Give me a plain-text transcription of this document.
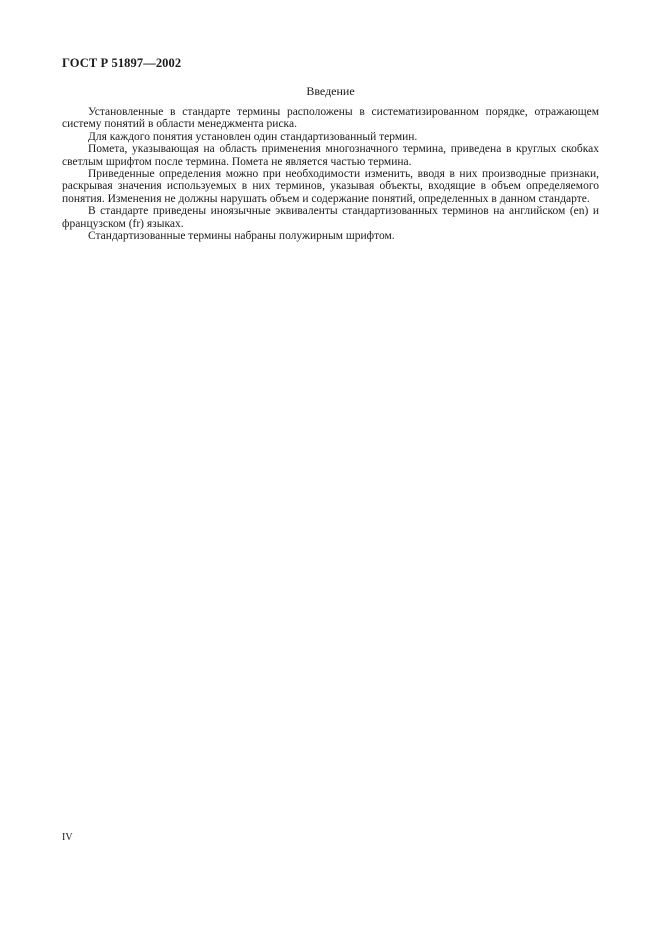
ГОСТ Р 51897—2002
Введение

Установленные в стандарте термины расположены в систематизированном порядке, отражающем систему понятий в области менеджмента риска.

Для каждого понятия установлен один стандартизованный термин.

Помета, указывающая на область применения многозначного термина, приведена в круглых скобках светлым шрифтом после термина. Помета не является частью термина.

Приведенные определения можно при необходимости изменить, вводя в них производные признаки, раскрывая значения используемых в них терминов, указывая объекты, входящие в объем определяемого понятия. Изменения не должны нарушать объем и содержание понятий, определенных в данном стандарте.

В стандарте приведены иноязычные эквиваленты стандартизованных терминов на английском (en) и французском (fr) языках.

Стандартизованные термины набраны полужирным шрифтом.

IV
